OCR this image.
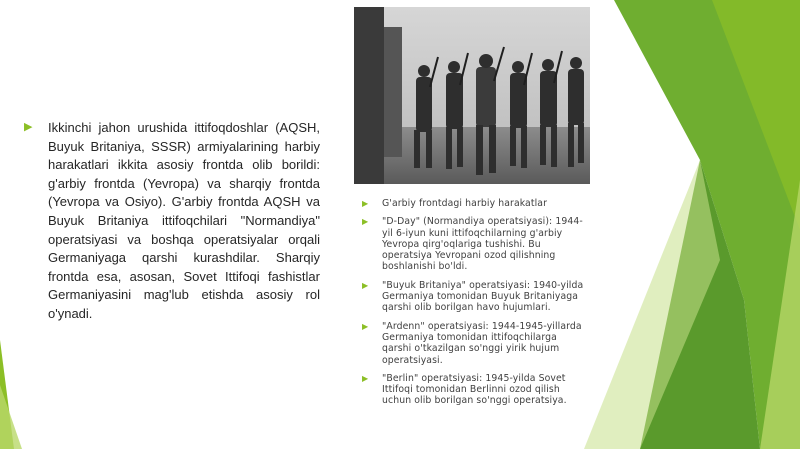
▶ Ikkinchi jahon urushida ittifoqdoshlar (AQSH, Buyuk Britaniya, SSSR) armiyalarining harbiy harakatlari ikkita asosiy frontda olib borildi: g'arbiy frontda (Yevropa) va sharqiy frontda (Yevropa va Osiyo). G'arbiy frontda AQSH va Buyuk Britaniya ittifoqchilari "Normandiya" operatsiyasi va boshqa operatsiyalar orqali Germaniyaga qarshi kurashdilar. Sharqiy frontda esa, asosan, Sovet Ittifoqi fashistlar Germaniyasini mag'lub etishda asosiy rol o'ynadi.
▶ G'arbiy frontdagi harbiy harakatlar
▶ "D-Day" (Normandiya operatsiyasi): 1944-yil 6-iyun kuni ittifoqchilarning g'arbiy Yevropa qirg'oqlariga tushishi. Bu operatsiya Yevropani ozod qilishning boshlanishi bo'ldi.
▶ "Buyuk Britaniya" operatsiyasi: 1940-yilda Germaniya tomonidan Buyuk Britaniyaga qarshi olib borilgan havo hujumlari.
▶ "Ardenn" operatsiyasi: 1944-1945-yillarda Germaniya tomonidan ittifoqchilarga qarshi o'tkazilgan so'nggi yirik hujum operatsiyasi.
▶ "Berlin" operatsiyasi: 1945-yilda Sovet Ittifoqi tomonidan Berlinni ozod qilish uchun olib borilgan so'nggi operatsiya.
